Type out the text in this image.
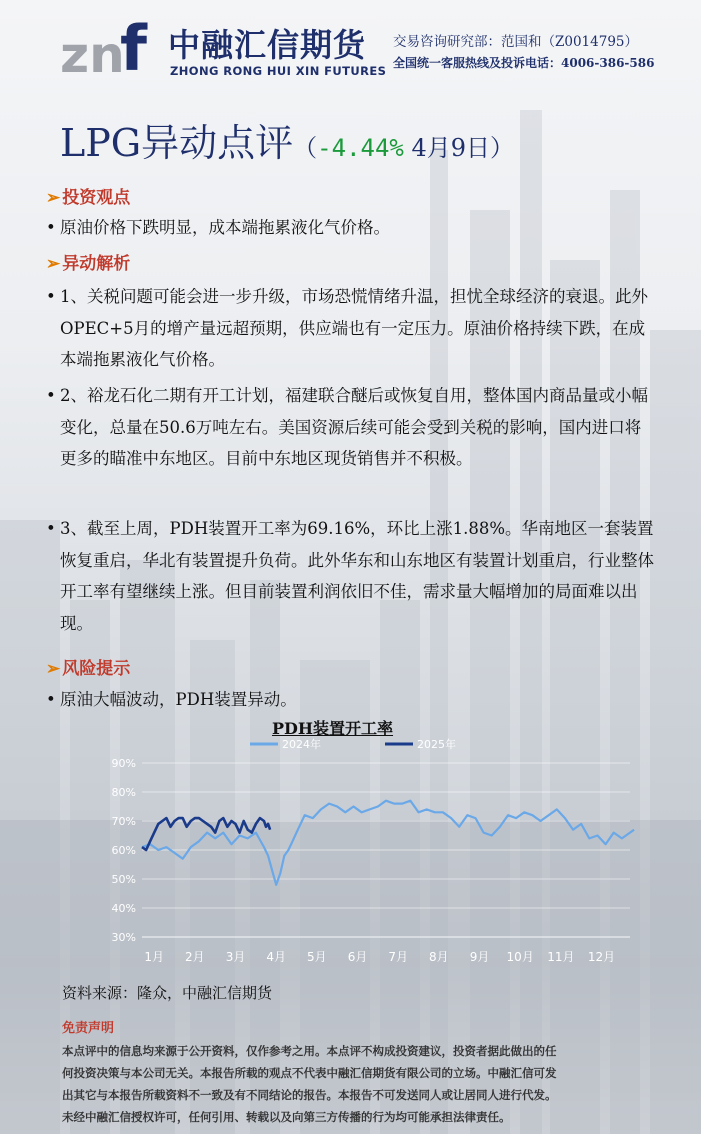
zn
f 中融汇信期货
ZHONG RONG HUI XIN FUTURES
交易咨询研究部：范国和（Z0014795）
全国统一客服热线及投诉电话：4006-386-586
LPG异动点评（-4.44% 4月9日）
➢ 投资观点
• 原油价格下跌明显，成本端拖累液化气价格。
➢ 异动解析
• 1、关税问题可能会进一步升级，市场恐慌情绪升温，担忧全球经济的衰退。此外OPEC+5月的增产量远超预期，供应端也有一定压力。原油价格持续下跌，在成本端拖累液化气价格。
• 2、裕龙石化二期有开工计划，福建联合醚后或恢复自用，整体国内商品量或小幅变化，总量在50.6万吨左右。美国资源后续可能会受到关税的影响，国内进口将更多的瞄准中东地区。目前中东地区现货销售并不积极。
• 3、截至上周，PDH装置开工率为69.16%，环比上涨1.88%。华南地区一套装置恢复重启，华北有装置提升负荷。此外华东和山东地区有装置计划重启，行业整体开工率有望继续上涨。但目前装置利润依旧不佳，需求量大幅增加的局面难以出现。
➢ 风险提示
• 原油大幅波动，PDH装置异动。
PDH装置开工率
90%
80%
70%
60%
50%
40%
30%
1月 2月 3月 4月 5月 6月 7月 8月 9月 10月 11月 12月
2024年	2025年
资料来源：隆众，中融汇信期货
免责声明
本点评中的信息均来源于公开资料，仅作参考之用。本点评不构成投资建议，投资者据此做出的任
何投资决策与本公司无关。本报告所载的观点不代表中融汇信期货有限公司的立场。中融汇信可发
出其它与本报告所载资料不一致及有不同结论的报告。本报告不可发送同人或让居同人进行代发。
未经中融汇信授权许可，任何引用、转载以及向第三方传播的行为均可能承担法律责任。
